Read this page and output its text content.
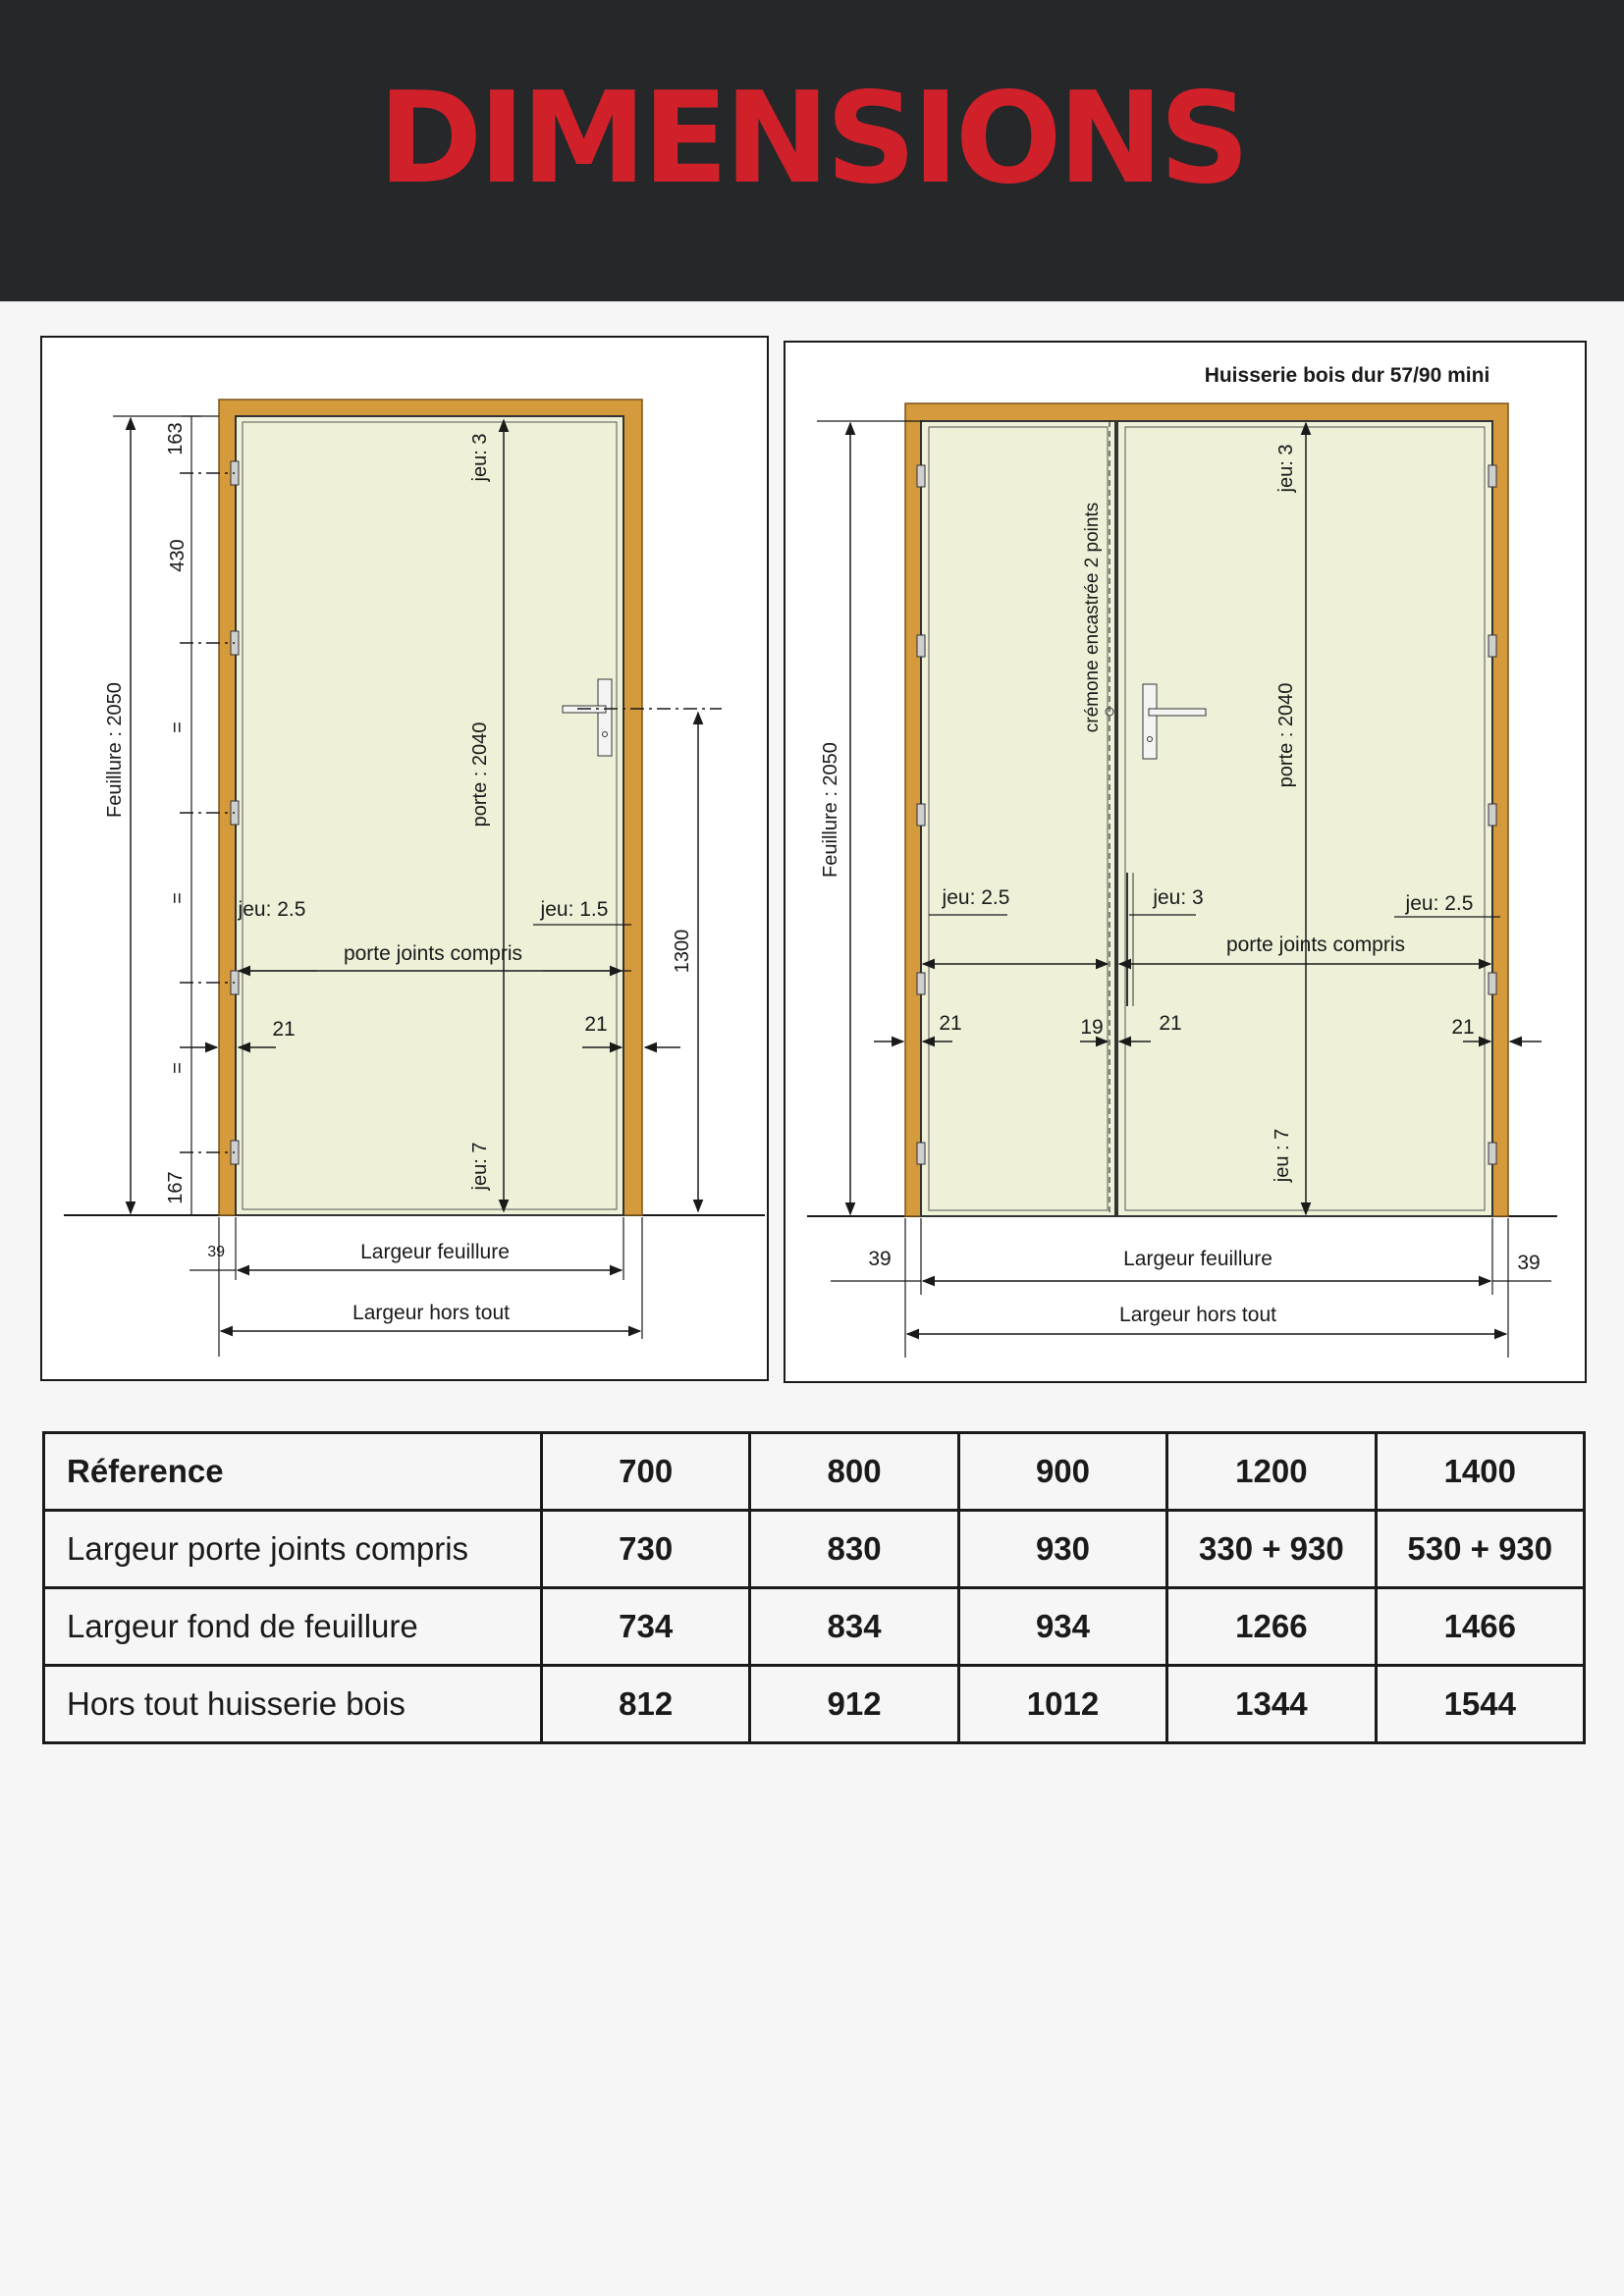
DIMENSIONS
Feuillure : 2050
163
430
=
=
=
167
jeu: 3
porte : 2040
jeu: 7
jeu: 2.5	jeu: 1.5
porte joints compris
21	21
1300
39	Largeur feuillure
Largeur hors tout
Huisserie bois dur 57/90 mini
Feuillure : 2050
crémone encastrée 2 points
jeu: 3
porte : 2040
jeu : 7
jeu: 2.5	jeu: 3	jeu: 2.5
porte joints compris
21	19	21	21
39	39
Largeur feuillure
Largeur hors tout
Réference	700	800	900	1200	1400
Largeur porte joints compris	730	830	930	330 + 930	530 + 930
Largeur fond de feuillure	734	834	934	1266	1466
Hors tout huisserie bois	812	912	1012	1344	1544
